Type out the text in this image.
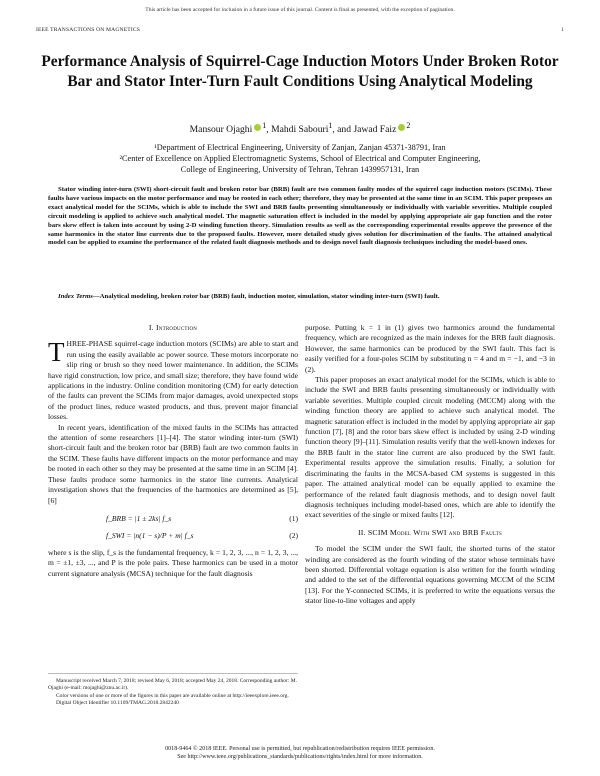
This article has been accepted for inclusion in a future issue of this journal. Content is final as presented, with the exception of pagination.
IEEE TRANSACTIONS ON MAGNETICS	1
Performance Analysis of Squirrel-Cage Induction Motors Under Broken Rotor Bar and Stator Inter-Turn Fault Conditions Using Analytical Modeling
Mansour Ojaghi $^1$, Mahdi Sabouri$^1$, and Jawad Faiz $^2$
¹Department of Electrical Engineering, University of Zanjan, Zanjan 45371-38791, Iran
²Center of Excellence on Applied Electromagnetic Systems, School of Electrical and Computer Engineering,
College of Engineering, University of Tehran, Tehran 1439957131, Iran

Stator winding inter-turn (SWI) short-circuit fault and broken rotor bar (BRB) fault are two common faulty modes of the squirrel cage induction motors (SCIMs). These faults have various impacts on the motor performance and may be rooted in each other; therefore, they may be presented at the same time in an SCIM. This paper proposes an exact analytical model for the SCIMs, which is able to include the SWI and BRB faults presenting simultaneously or individually with variable severities. Multiple coupled circuit modeling is applied to achieve such analytical model. The magnetic saturation effect is included in the model by applying appropriate air gap function and the rotor bars skew effect is taken into account by using 2-D winding function theory. Simulation results as well as the corresponding experimental results approve the presence of the same harmonics in the stator line currents due to the proposed faults. However, more detailed study gives solution for discrimination of the faults. The attained analytical model can be applied to examine the performance of the related fault diagnosis methods and to design novel fault diagnosis techniques including the model-based ones.

Index Terms—Analytical modeling, broken rotor bar (BRB) fault, induction motor, simulation, stator winding inter-turn (SWI) fault.

I. Introduction

THREE-PHASE squirrel-cage induction motors (SCIMs) are able to start and run using the easily available ac power source. These motors incorporate no slip ring or brush so they need lower maintenance. In addition, the SCIMs have rigid construction, low price, and small size; therefore, they have found wide applications in the industry. Online condition monitoring (CM) for early detection of the faults can prevent the SCIMs from major damages, avoid unexpected stops of the product lines, reduce wasted products, and thus, prevent major financial losses.

In recent years, identification of the mixed faults in the SCIMs has attracted the attention of some researchers [1]–[4]. The stator winding inter-turn (SWI) short-circuit fault and the broken rotor bar (BRB) fault are two common faults in the SCIM. These faults have different impacts on the motor performance and may be rooted in each other so they may be presented at the same time in an SCIM [4]. These faults produce some harmonics in the stator line currents. Analytical investigation shows that the frequencies of the harmonics are determined as [5], [6]

f_BRB = |1 ± 2ks| f_s	(1)
f_SWI = |n(1 − s)/P + m| f_s	(2)

where s is the slip, f_s is the fundamental frequency, k = 1, 2, 3, ..., n = 1, 2, 3, ..., m = ±1, ±3, ..., and P is the pole pairs. These harmonics can be used in a motor current signature analysis (MCSA) technique for the fault diagnosis

purpose. Putting k = 1 in (1) gives two harmonics around the fundamental frequency, which are recognized as the main indexes for the BRB fault diagnosis. However, the same harmonics can be produced by the SWI fault. This fact is easily verified for a four-poles SCIM by substituting n = 4 and m = −1, and −3 in (2).

This paper proposes an exact analytical model for the SCIMs, which is able to include the SWI and BRB faults presenting simultaneously or individually with variable severities. Multiple coupled circuit modeling (MCCM) along with the winding function theory are applied to achieve such analytical model. The magnetic saturation effect is included in the model by applying appropriate air gap function [7], [8] and the rotor bars skew effect is included by using 2-D winding function theory [9]–[11]. Simulation results verify that the well-known indexes for the BRB fault in the stator line current are also produced by the SWI fault. Experimental results approve the simulation results. Finally, a solution for discriminating the faults in the MCSA-based CM systems is suggested in this paper. The attained analytical model can be equally applied to examine the performance of the related fault diagnosis methods, and to design novel fault diagnosis techniques including model-based ones, which are able to identify the exact severities of the single or mixed faults [12].

II. SCIM Model With SWI and BRB Faults

To model the SCIM under the SWI fault, the shorted turns of the stator winding are considered as the fourth winding of the stator whose terminals have been shorted. Differential voltage equation is also written for the fourth winding and added to the set of the differential equations governing MCCM of the SCIM [13]. For the Y-connected SCIMs, it is preferred to write the equations versus the stator line-to-line voltages and apply

Manuscript received March 7, 2018; revised May 6, 2018; accepted May 24, 2018. Corresponding author: M. Ojaghi (e-mail: mojaghi@znu.ac.ir).
Color versions of one or more of the figures in this paper are available online at http://ieeexplore.ieee.org.
Digital Object Identifier 10.1109/TMAG.2018.2842240
0018-9464 © 2018 IEEE. Personal use is permitted, but republication/redistribution requires IEEE permission.
See http://www.ieee.org/publications_standards/publications/rights/index.html for more information.
